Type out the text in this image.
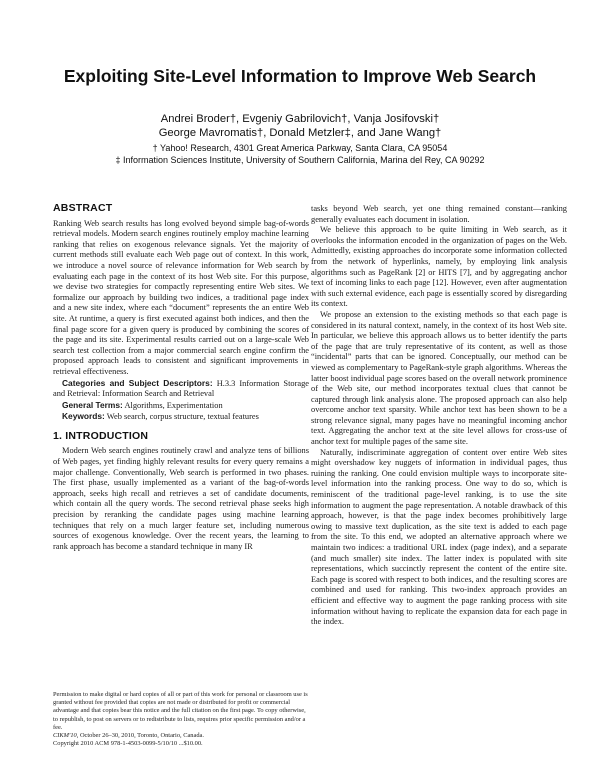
Exploiting Site-Level Information to Improve Web Search
Andrei Broder†, Evgeniy Gabrilovich†, Vanja Josifovski†
George Mavromatis†, Donald Metzler‡, and Jane Wang†
† Yahoo! Research, 4301 Great America Parkway, Santa Clara, CA 95054
‡ Information Sciences Institute, University of Southern California, Marina del Rey, CA 90292
ABSTRACT

Ranking Web search results has long evolved beyond simple bag-of-words retrieval models. Modern search engines routinely employ machine learning ranking that relies on exogenous relevance signals. Yet the majority of current methods still evaluate each Web page out of context. In this work, we introduce a novel source of relevance information for Web search by evaluating each page in the context of its host Web site. For this purpose, we devise two strategies for compactly representing entire Web sites. We formalize our approach by building two indices, a traditional page index and a new site index, where each “document” represents the an entire Web site. At runtime, a query is first executed against both indices, and then the final page score for a given query is produced by combining the scores of the page and its site. Experimental results carried out on a large-scale Web search test collection from a major commercial search engine confirm the proposed approach leads to consistent and significant improvements in retrieval effectiveness.

Categories and Subject Descriptors: H.3.3 Information Storage and Retrieval: Information Search and Retrieval

General Terms: Algorithms, Experimentation

Keywords: Web search, corpus structure, textual features

1. INTRODUCTION

Modern Web search engines routinely crawl and analyze tens of billions of Web pages, yet finding highly relevant results for every query remains a major challenge. Conventionally, Web search is performed in two phases. The first phase, usually implemented as a variant of the bag-of-words approach, seeks high recall and retrieves a set of candidate documents, which contain all the query words. The second retrieval phase seeks high precision by reranking the candidate pages using machine learning techniques that rely on a much larger feature set, including numerous sources of exogenous knowledge. Over the recent years, the learning to rank approach has become a standard technique in many IR

tasks beyond Web search, yet one thing remained constant—ranking generally evaluates each document in isolation.

We believe this approach to be quite limiting in Web search, as it overlooks the information encoded in the organization of pages on the Web. Admittedly, existing approaches do incorporate some information collected from the network of hyperlinks, namely, by employing link analysis algorithms such as PageRank [2] or HITS [7], and by aggregating anchor text of incoming links to each page [12]. However, even after augmentation with such external evidence, each page is essentially scored by disregarding its context.

We propose an extension to the existing methods so that each page is considered in its natural context, namely, in the context of its host Web site. In particular, we believe this approach allows us to better identify the parts of the page that are truly representative of its content, as well as those “incidental” parts that can be ignored. Conceptually, our method can be viewed as complementary to PageRank-style graph algorithms. Whereas the latter boost individual page scores based on the overall network prominence of the Web site, our method incorporates textual clues that cannot be captured through link analysis alone. The proposed approach can also help overcome anchor text sparsity. While anchor text has been shown to be a strong relevance signal, many pages have no meaningful incoming anchor text. Aggregating the anchor text at the site level allows for cross-use of anchor text for multiple pages of the same site.

Naturally, indiscriminate aggregation of content over entire Web sites might overshadow key nuggets of information in individual pages, thus ruining the ranking. One could envision multiple ways to incorporate site-level information into the ranking process. One way to do so, which is reminiscent of the traditional page-level ranking, is to use the site information to augment the page representation. A notable drawback of this approach, however, is that the page index becomes prohibitively large owing to massive text duplication, as the site text is added to each page from the site. To this end, we adopted an alternative approach where we maintain two indices: a traditional URL index (page index), and a separate (and much smaller) site index. The latter index is populated with site representations, which succinctly represent the content of the entire site. Each page is scored with respect to both indices, and the resulting scores are combined and used for ranking. This two-index approach provides an efficient and effective way to augment the page ranking process with site information without having to replicate the expansion data for each page in the index.

Permission to make digital or hard copies of all or part of this work for personal or classroom use is granted without fee provided that copies are not made or distributed for profit or commercial advantage and that copies bear this notice and the full citation on the first page. To copy otherwise, to republish, to post on servers or to redistribute to lists, requires prior specific permission and/or a fee.

CIKM'10, October 26–30, 2010, Toronto, Ontario, Canada.

Copyright 2010 ACM 978-1-4503-0099-5/10/10 ...$10.00.
